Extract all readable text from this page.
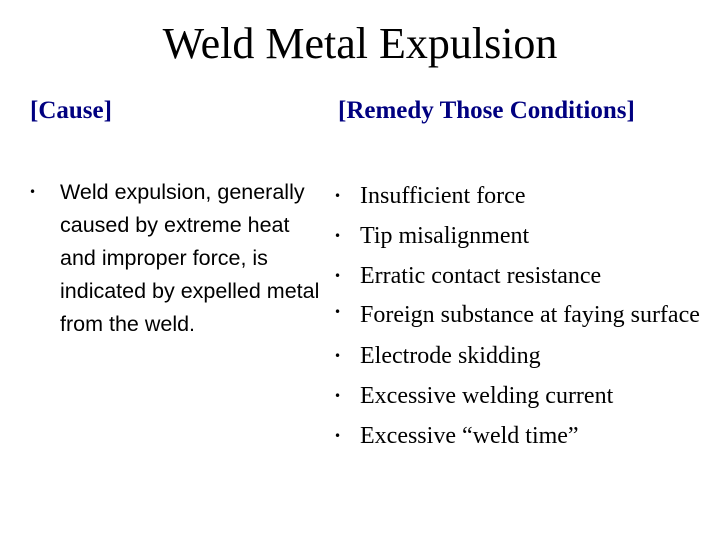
Weld Metal Expulsion
[Cause]	[Remedy Those Conditions]
• Weld expulsion, generally caused by extreme heat and improper force, is indicated by expelled metal from the weld.
• Insufficient force
• Tip misalignment
• Erratic contact resistance
• Foreign substance at faying surface
• Electrode skidding
• Excessive welding current
• Excessive “weld time”
